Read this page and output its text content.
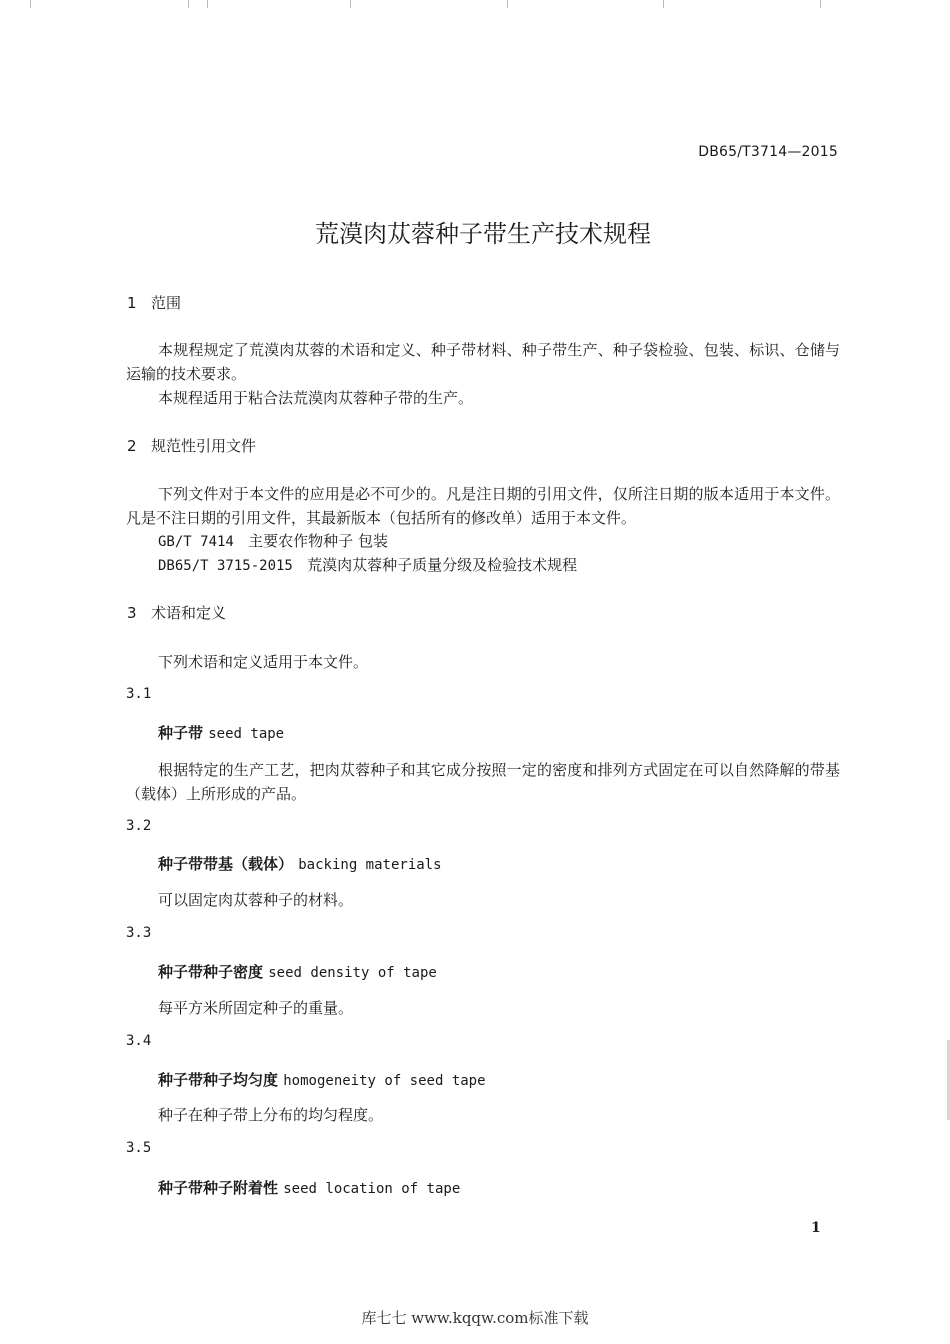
DB65/T3714—2015
荒漠肉苁蓉种子带生产技术规程
1 范围
本规程规定了荒漠肉苁蓉的术语和定义、种子带材料、种子带生产、种子袋检验、包装、标识、仓储与运输的技术要求。
本规程适用于粘合法荒漠肉苁蓉种子带的生产。
2 规范性引用文件
下列文件对于本文件的应用是必不可少的。凡是注日期的引用文件，仅所注日期的版本适用于本文件。凡是不注日期的引用文件，其最新版本（包括所有的修改单）适用于本文件。
GB/T 7414 主要农作物种子 包装
DB65/T 3715-2015 荒漠肉苁蓉种子质量分级及检验技术规程
3 术语和定义
下列术语和定义适用于本文件。
3.1
种子带 seed tape
根据特定的生产工艺，把肉苁蓉种子和其它成分按照一定的密度和排列方式固定在可以自然降解的带基（载体）上所形成的产品。
3.2
种子带带基（载体） backing materials
可以固定肉苁蓉种子的材料。
3.3
种子带种子密度 seed density of tape
每平方米所固定种子的重量。
3.4
种子带种子均匀度 homogeneity of seed tape
种子在种子带上分布的均匀程度。
3.5
种子带种子附着性 seed location of tape
1
库七七 www.kqqw.com标准下载
